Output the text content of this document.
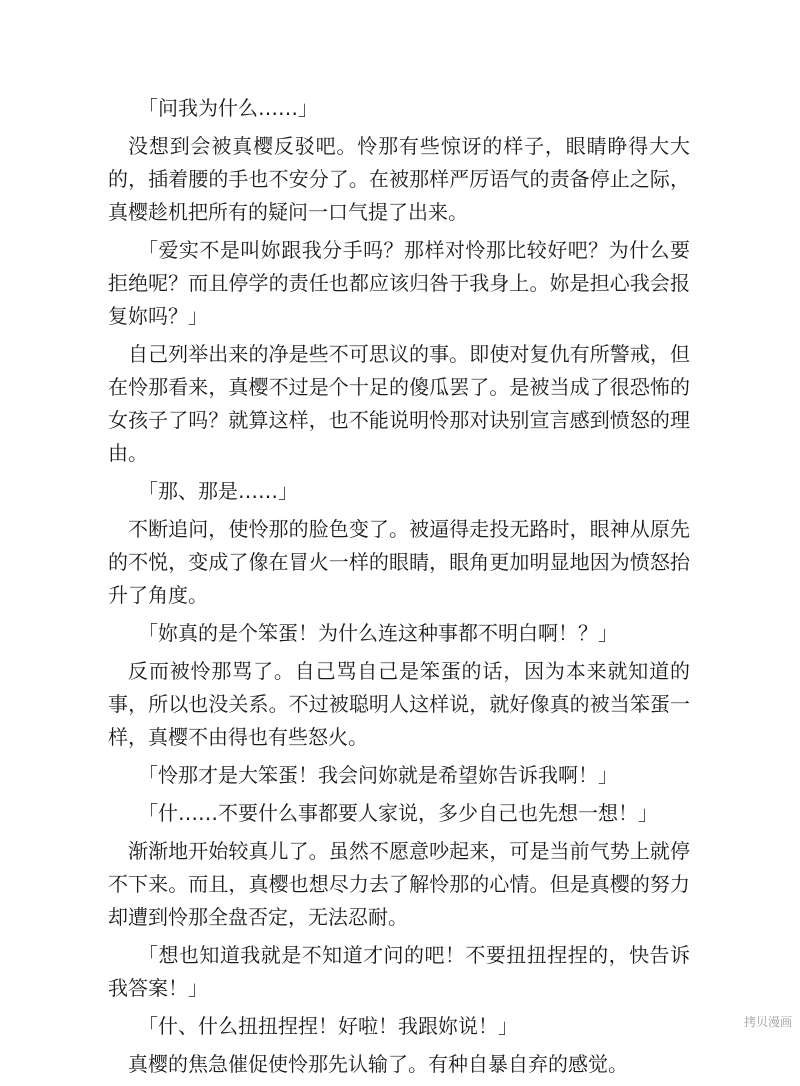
「问我为什么……」

没想到会被真樱反驳吧。怜那有些惊讶的样子，眼睛睁得大大的，插着腰的手也不安分了。在被那样严厉语气的责备停止之际，真樱趁机把所有的疑问一口气提了出来。

「爱实不是叫妳跟我分手吗？那样对怜那比较好吧？为什么要拒绝呢？而且停学的责任也都应该归咎于我身上。妳是担心我会报复妳吗？」

自己列举出来的净是些不可思议的事。即使对复仇有所警戒，但在怜那看来，真樱不过是个十足的傻瓜罢了。是被当成了很恐怖的女孩子了吗？就算这样，也不能说明怜那对诀别宣言感到愤怒的理由。

「那、那是……」

不断追问，使怜那的脸色变了。被逼得走投无路时，眼神从原先的不悦，变成了像在冒火一样的眼睛，眼角更加明显地因为愤怒抬升了角度。

「妳真的是个笨蛋！为什么连这种事都不明白啊！？」

反而被怜那骂了。自己骂自己是笨蛋的话，因为本来就知道的事，所以也没关系。不过被聪明人这样说，就好像真的被当笨蛋一样，真樱不由得也有些怒火。

「怜那才是大笨蛋！我会问妳就是希望妳告诉我啊！」

「什……不要什么事都要人家说，多少自己也先想一想！」

渐渐地开始较真儿了。虽然不愿意吵起来，可是当前气势上就停不下来。而且，真樱也想尽力去了解怜那的心情。但是真樱的努力却遭到怜那全盘否定，无法忍耐。

「想也知道我就是不知道才问的吧！不要扭扭捏捏的，快告诉我答案！」

「什、什么扭扭捏捏！好啦！我跟妳说！」

真樱的焦急催促使怜那先认输了。有种自暴自弃的感觉。

拷贝漫画
